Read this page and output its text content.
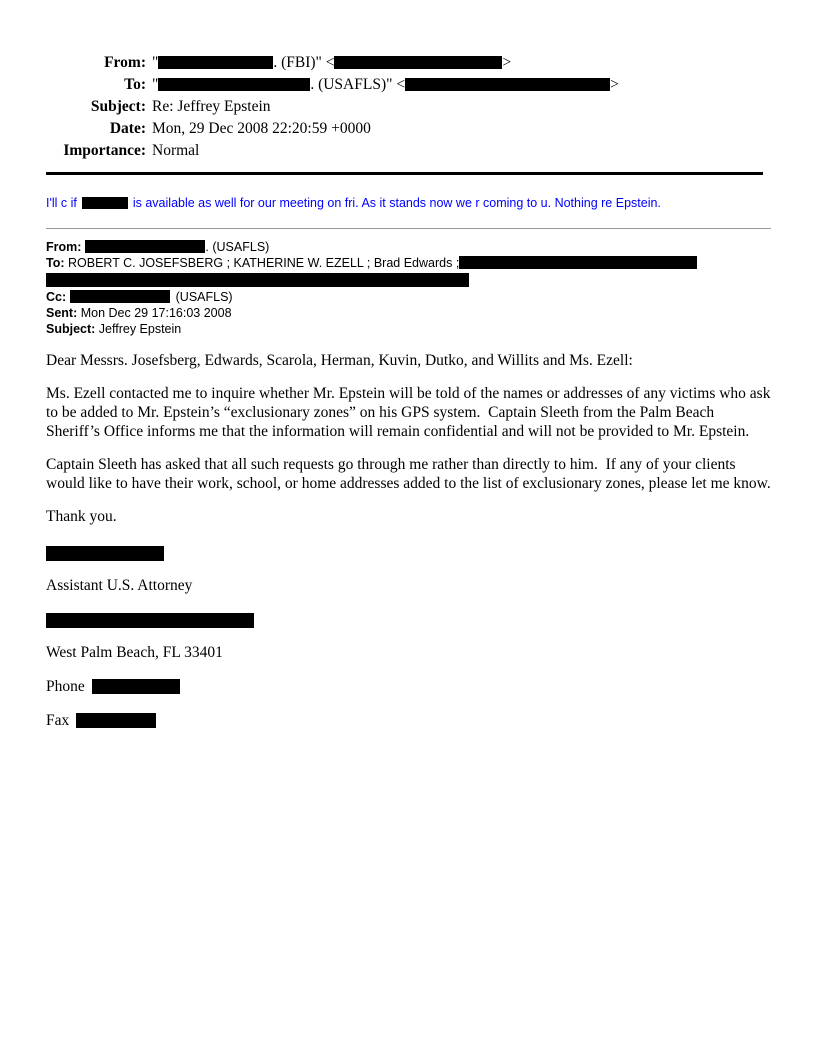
From: "	. (FBI)" <	>
To: "	. (USAFLS)" <	>
Subject: Re: Jeffrey Epstein
Date: Mon, 29 Dec 2008 22:20:59 +0000
Importance: Normal
I'll c if	is available as well for our meeting on fri. As it stands now we r coming to u. Nothing re Epstein.
From:	. (USAFLS)
To: ROBERT C. JOSEFSBERG ; KATHERINE W. EZELL ; Brad Edwards ;
Cc:	(USAFLS)
Sent: Mon Dec 29 17:16:03 2008
Subject: Jeffrey Epstein

Dear Messrs. Josefsberg, Edwards, Scarola, Herman, Kuvin, Dutko, and Willits and Ms. Ezell:

Ms. Ezell contacted me to inquire whether Mr. Epstein will be told of the names or addresses of any victims who ask to be added to Mr. Epstein’s “exclusionary zones” on his GPS system.  Captain Sleeth from the Palm Beach Sheriff’s Office informs me that the information will remain confidential and will not be provided to Mr. Epstein.

Captain Sleeth has asked that all such requests go through me rather than directly to him.  If any of your clients would like to have their work, school, or home addresses added to the list of exclusionary zones, please let me know.

Thank you.

Assistant U.S. Attorney

West Palm Beach, FL 33401

Phone

Fax
